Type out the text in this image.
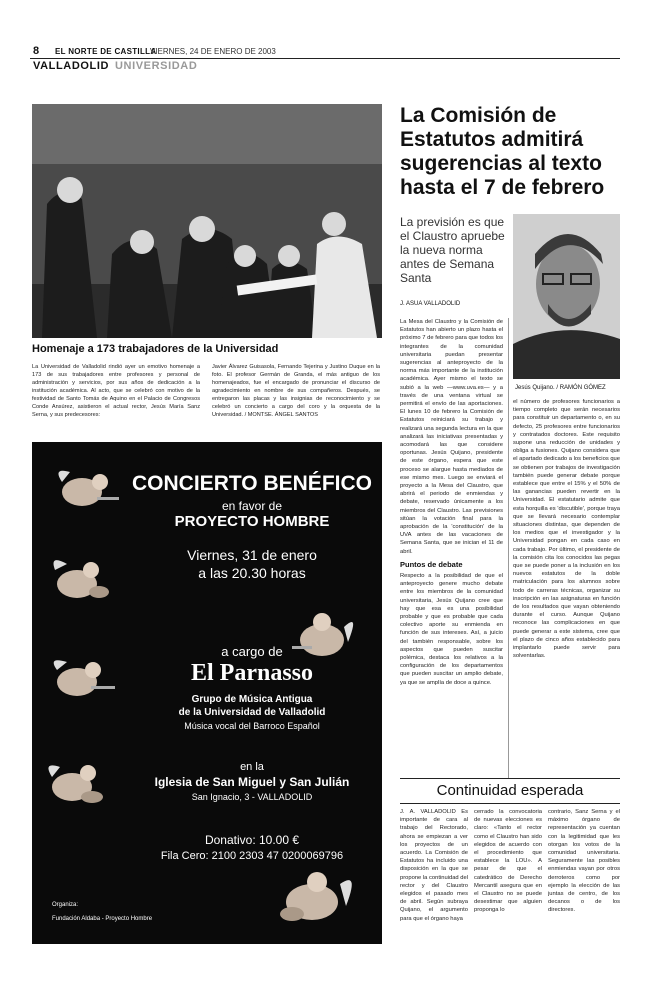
8 EL NORTE DE CASTILLA
VIERNES, 24 DE ENERO DE 2003
VALLADOLID UNIVERSIDAD
Homenaje a 173 trabajadores de la Universidad
La Universidad de Valladolid rindió ayer un emotivo homenaje a 173 de sus trabajadores entre profesores y personal de administración y servicios, por sus años de dedicación a la institución académica. Al acto, que se celebró con motivo de la festividad de Santo Tomás de Aquino en el Palacio de Congresos Conde Ansúrez, asistieron el actual rector, Jesús María Sanz Serna, y sus predecesores:
Javier Álvarez Guisasola, Fernando Tejerina y Justino Duque en la foto. El profesor Germán de Granda, el más antiguo de los homenajeados, fue el encargado de pronunciar el discurso de agradecimiento en nombre de sus compañeros. Después, se entregaron las placas y las insignias de reconocimiento y se celebró un concierto a cargo del coro y la orquesta de la Universidad. / MONTSE. ÁNGEL SANTOS
CONCIERTO BENÉFICO
en favor de
PROYECTO HOMBRE
Viernes, 31 de enero
a las 20.30 horas
a cargo de
El Parnasso
Grupo de Música Antigua
de la Universidad de Valladolid
Música vocal del Barroco Español
en la
Iglesia de San Miguel y San Julián
San Ignacio, 3 - VALLADOLID
Donativo: 10.00 €
Fila Cero: 2100 2303 47 0200069796
Organiza:
Fundación Aldaba - Proyecto Hombre
La Comisión de Estatutos admitirá sugerencias al texto hasta el 7 de febrero
La previsión es que el Claustro apruebe la nueva norma antes de Semana Santa
J. ASUA VALLADOLID
Jesús Quijano. / RAMÓN GÓMEZ
La Mesa del Claustro y la Comisión de Estatutos han abierto un plazo hasta el próximo 7 de febrero para que todos los integrantes de la comunidad universitaria puedan presentar sugerencias al anteproyecto de la norma más importante de la institución académica. Ayer mismo el texto se subió a la web —www.uva.es— y a través de una ventana virtual se permitirá el envío de las aportaciones. El lunes 10 de febrero la Comisión de Estatutos reiniciará su trabajo y realizará una segunda lectura en la que analizará las iniciativas presentadas y acomodará las que considere oportunas. Jesús Quijano, presidente de este órgano, espera que este proceso se alargue hasta mediados de ese mismo mes. Luego se enviará el proyecto a la Mesa del Claustro, que abrirá el periodo de enmiendas y debate, reservado únicamente a los miembros del Claustro. Las previsiones sitúan la votación final para la aprobación de la 'constitución' de la UVA antes de las vacaciones de Semana Santa, que se inician el 11 de abril.
Puntos de debate
Respecto a la posibilidad de que el anteproyecto genere mucho debate entre los miembros de la comunidad universitaria, Jesús Quijano cree que hay que esa es una posibilidad probable y que es probable que cada colectivo aporte su enmienda en función de sus intereses. Así, a juicio del también responsable, sobre los aspectos que pueden suscitar polémica, destaca los relativos a la configuración de los departamentos que pueden suscitar un amplio debate, ya que se amplía de doce a quince.
el número de profesores funcionarios a tiempo completo que serán necesarios para constituir un departamento o, en su defecto, 25 profesores entre funcionarios y contratados doctores. Este requisito supone una reducción de unidades y obliga a fusiones. Quijano considera que el apartado dedicado a los beneficios que se obtienen por trabajos de investigación también puede generar debate porque establece que entre el 15% y el 50% de las ganancias pueden revertir en la Universidad. El estatutario admite que esta horquilla es 'discutible', porque traya que se llevará necesario contemplar situaciones distintas, que dependen de los medios que el investigador y la Universidad pongan en cada caso en cada trabajo. Por último, el presidente de la comisión cita los conocidos las pegas que se puede poner a la inclusión en los nuevos estatutos de la doble matriculación para los alumnos sobre todo de carreras técnicas, organizar su inscripción en las asignaturas en función de los resultados que vayan obteniendo durante el curso. Aunque Quijano reconoce las complicaciones en que puede generar a este sistema, cree que el plazo de cinco años establecido para implantarlo puede servir para solventarlas.
Continuidad esperada
J. A. VALLADOLID Es importante de cara al trabajo del Rectorado, ahora se empiezan a ver los proyectos de un acuerdo. La Comisión de Estatutos ha incluido una disposición en la que se propone la continuidad del rector y del Claustro elegidos el pasado mes de abril. Según subraya Quijano, el argumento para que el órgano haya
cerrado la convocatoria de nuevas elecciones es claro: «Tanto el rector como el Claustro han sido elegidos de acuerdo con el procedimiento que establece la LOU». A pesar de que el catedrático de Derecho Mercantil asegura que en el Claustro no se puede desestimar que alguien proponga lo
contrario, Sanz Serna y el máximo órgano de representación ya cuentan con la legitimidad que les otorgan los votos de la comunidad universitaria. Seguramente las posibles enmiendas vayan por otros derroteros como por ejemplo la elección de las juntas de centro, de los decanos o de los directores.
